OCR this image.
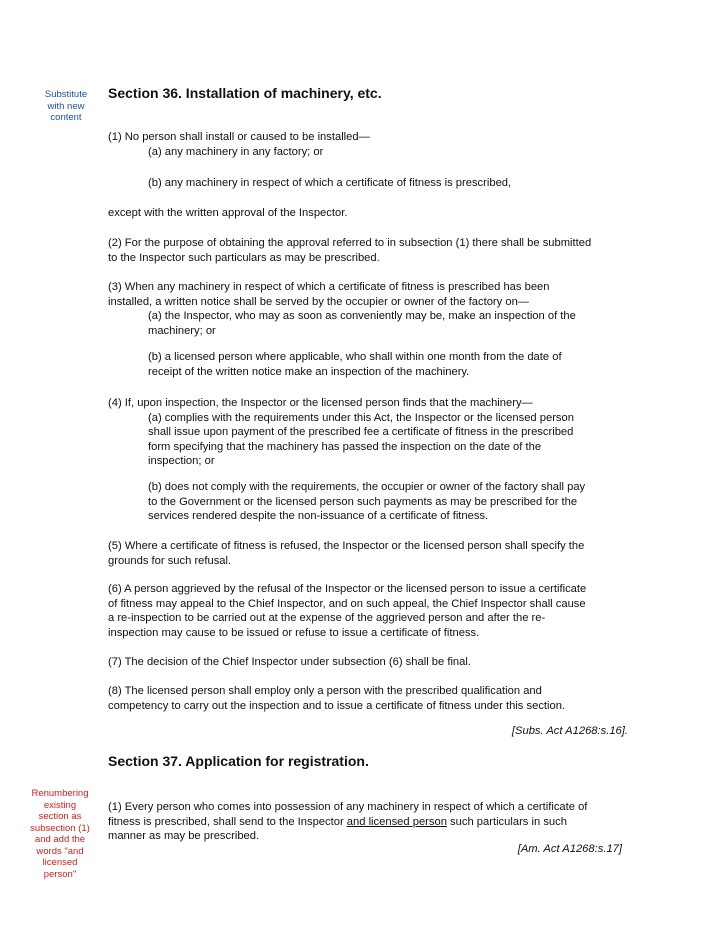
Substitute
with new
content
Renumbering
existing
section as
subsection (1)
and add the
words "and
licensed
person"
Section 36. Installation of machinery, etc.

(1) No person shall install or caused to be installed—

(a) any machinery in any factory; or

(b) any machinery in respect of which a certificate of fitness is prescribed,

except with the written approval of the Inspector.

(2) For the purpose of obtaining the approval referred to in subsection (1) there shall be submitted

to the Inspector such particulars as may be prescribed.

(3) When any machinery in respect of which a certificate of fitness is prescribed has been

installed, a written notice shall be served by the occupier or owner of the factory on—

(a) the Inspector, who may as soon as conveniently may be, make an inspection of the

machinery; or

(b) a licensed person where applicable, who shall within one month from the date of

receipt of the written notice make an inspection of the machinery.

(4) If, upon inspection, the Inspector or the licensed person finds that the machinery—

(a) complies with the requirements under this Act, the Inspector or the licensed person

shall issue upon payment of the prescribed fee a certificate of fitness in the prescribed

form specifying that the machinery has passed the inspection on the date of the

inspection; or

(b) does not comply with the requirements, the occupier or owner of the factory shall pay

to the Government or the licensed person such payments as may be prescribed for the

services rendered despite the non-issuance of a certificate of fitness.

(5) Where a certificate of fitness is refused, the Inspector or the licensed person shall specify the

grounds for such refusal.

(6) A person aggrieved by the refusal of the Inspector or the licensed person to issue a certificate

of fitness may appeal to the Chief Inspector, and on such appeal, the Chief Inspector shall cause

a re-inspection to be carried out at the expense of the aggrieved person and after the re-

inspection may cause to be issued or refuse to issue a certificate of fitness.

(7) The decision of the Chief Inspector under subsection (6) shall be final.

(8) The licensed person shall employ only a person with the prescribed qualification and

competency to carry out the inspection and to issue a certificate of fitness under this section.

[Subs. Act A1268:s.16].

Section 37. Application for registration.

(1) Every person who comes into possession of any machinery in respect of which a certificate of

fitness is prescribed, shall send to the Inspector and licensed person such particulars in such

manner as may be prescribed.

[Am. Act A1268:s.17]
